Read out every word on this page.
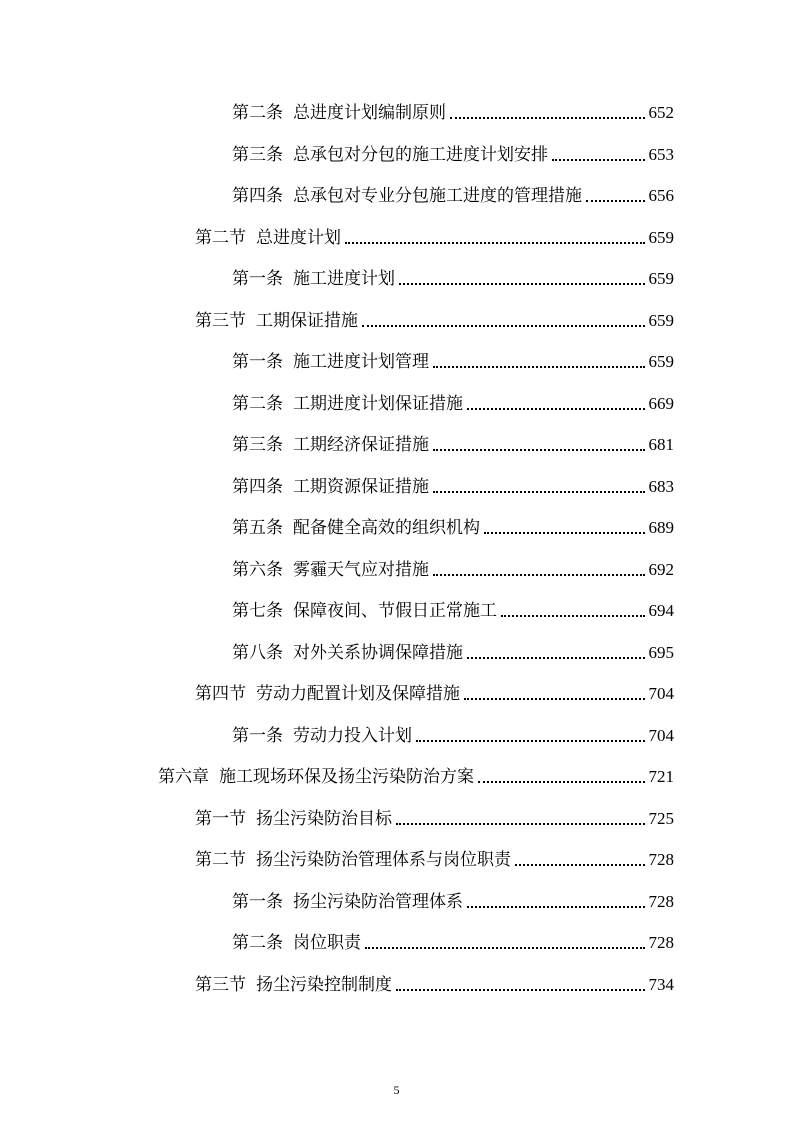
第二条 总进度计划编制原则	652
第三条 总承包对分包的施工进度计划安排	653
第四条 总承包对专业分包施工进度的管理措施	656
第二节 总进度计划	659
第一条 施工进度计划	659
第三节 工期保证措施	659
第一条 施工进度计划管理	659
第二条 工期进度计划保证措施	669
第三条 工期经济保证措施	681
第四条 工期资源保证措施	683
第五条 配备健全高效的组织机构	689
第六条 雾霾天气应对措施	692
第七条 保障夜间、节假日正常施工	694
第八条 对外关系协调保障措施	695
第四节 劳动力配置计划及保障措施	704
第一条 劳动力投入计划	704
第六章 施工现场环保及扬尘污染防治方案	721
第一节 扬尘污染防治目标	725
第二节 扬尘污染防治管理体系与岗位职责	728
第一条 扬尘污染防治管理体系	728
第二条 岗位职责	728
第三节 扬尘污染控制制度	734
5
